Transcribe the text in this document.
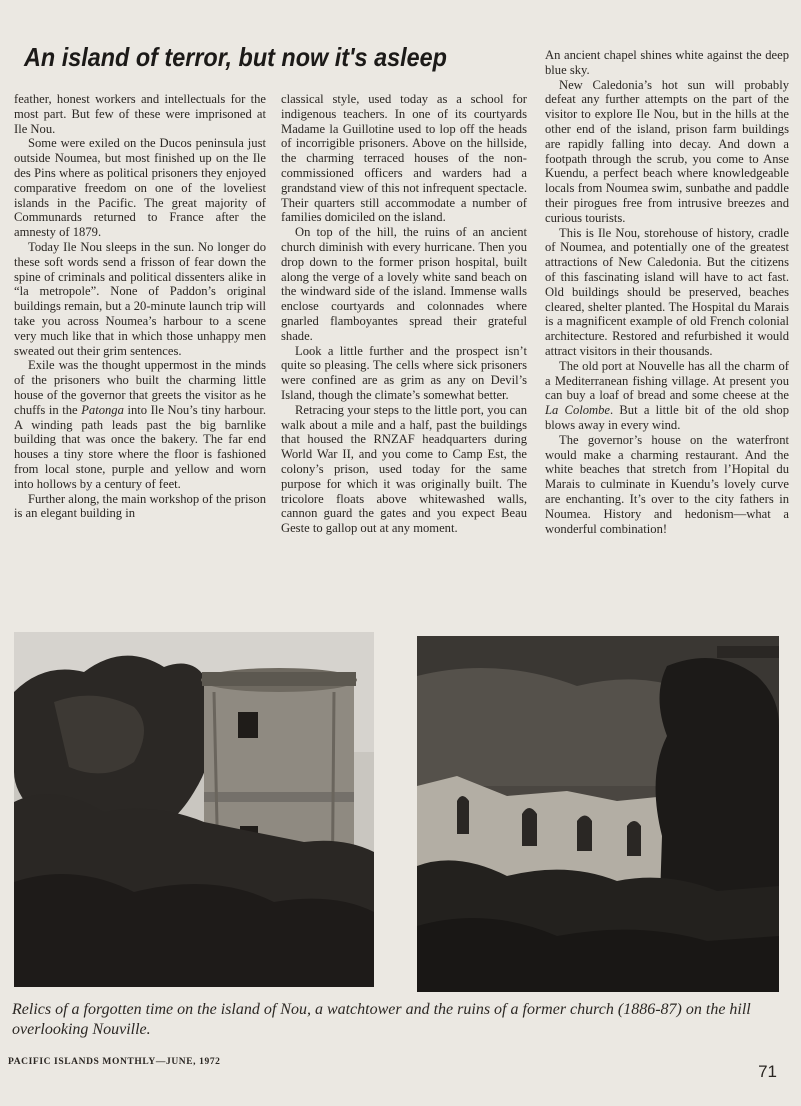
An island of terror, but now it's asleep

feather, honest workers and intellectuals for the most part. But few of these were imprisoned at Ile Nou.

Some were exiled on the Ducos peninsula just outside Noumea, but most finished up on the Ile des Pins where as political prisoners they enjoyed comparative freedom on one of the loveliest islands in the Pacific. The great majority of Communards returned to France after the amnesty of 1879.

Today Ile Nou sleeps in the sun. No longer do these soft words send a frisson of fear down the spine of criminals and political dissenters alike in “la metropole”. None of Paddon’s original buildings remain, but a 20-minute launch trip will take you across Noumea’s harbour to a scene very much like that in which those unhappy men sweated out their grim sentences.

Exile was the thought uppermost in the minds of the prisoners who built the charming little house of the governor that greets the visitor as he chuffs in the Patonga into Ile Nou’s tiny harbour. A winding path leads past the big barnlike building that was once the bakery. The far end houses a tiny store where the floor is fashioned from local stone, purple and yellow and worn into hollows by a century of feet.

Further along, the main workshop of the prison is an elegant building in

classical style, used today as a school for indigenous teachers. In one of its courtyards Madame la Guillotine used to lop off the heads of incorrigible prisoners. Above on the hillside, the charming terraced houses of the non-commissioned officers and warders had a grandstand view of this not infrequent spectacle. Their quarters still accommodate a number of families domiciled on the island.

On top of the hill, the ruins of an ancient church diminish with every hurricane. Then you drop down to the former prison hospital, built along the verge of a lovely white sand beach on the windward side of the island. Immense walls enclose courtyards and colonnades where gnarled flamboyantes spread their grateful shade.

Look a little further and the prospect isn’t quite so pleasing. The cells where sick prisoners were confined are as grim as any on Devil’s Island, though the climate’s somewhat better.

Retracing your steps to the little port, you can walk about a mile and a half, past the buildings that housed the RNZAF headquarters during World War II, and you come to Camp Est, the colony’s prison, used today for the same purpose for which it was originally built. The tricolore floats above whitewashed walls, cannon guard the gates and you expect Beau Geste to gallop out at any moment.

An ancient chapel shines white against the deep blue sky.

New Caledonia’s hot sun will probably defeat any further attempts on the part of the visitor to explore Ile Nou, but in the hills at the other end of the island, prison farm buildings are rapidly falling into decay. And down a footpath through the scrub, you come to Anse Kuendu, a perfect beach where knowledgeable locals from Noumea swim, sunbathe and paddle their pirogues free from intrusive breezes and curious tourists.

This is Ile Nou, storehouse of history, cradle of Noumea, and potentially one of the greatest attractions of New Caledonia. But the citizens of this fascinating island will have to act fast. Old buildings should be preserved, beaches cleared, shelter planted. The Hospital du Marais is a magnificent example of old French colonial architecture. Restored and refurbished it would attract visitors in their thousands.

The old port at Nouvelle has all the charm of a Mediterranean fishing village. At present you can buy a loaf of bread and some cheese at the La Colombe. But a little bit of the old shop blows away in every wind.

The governor’s house on the waterfront would make a charming restaurant. And the white beaches that stretch from l’Hopital du Marais to culminate in Kuendu’s lovely curve are enchanting. It’s over to the city fathers in Noumea. History and hedonism—what a wonderful combination!

Relics of a forgotten time on the island of Nou, a watchtower and the ruins of a former church (1886-87) on the hill overlooking Nouville.
PACIFIC ISLANDS MONTHLY—JUNE, 1972	71
